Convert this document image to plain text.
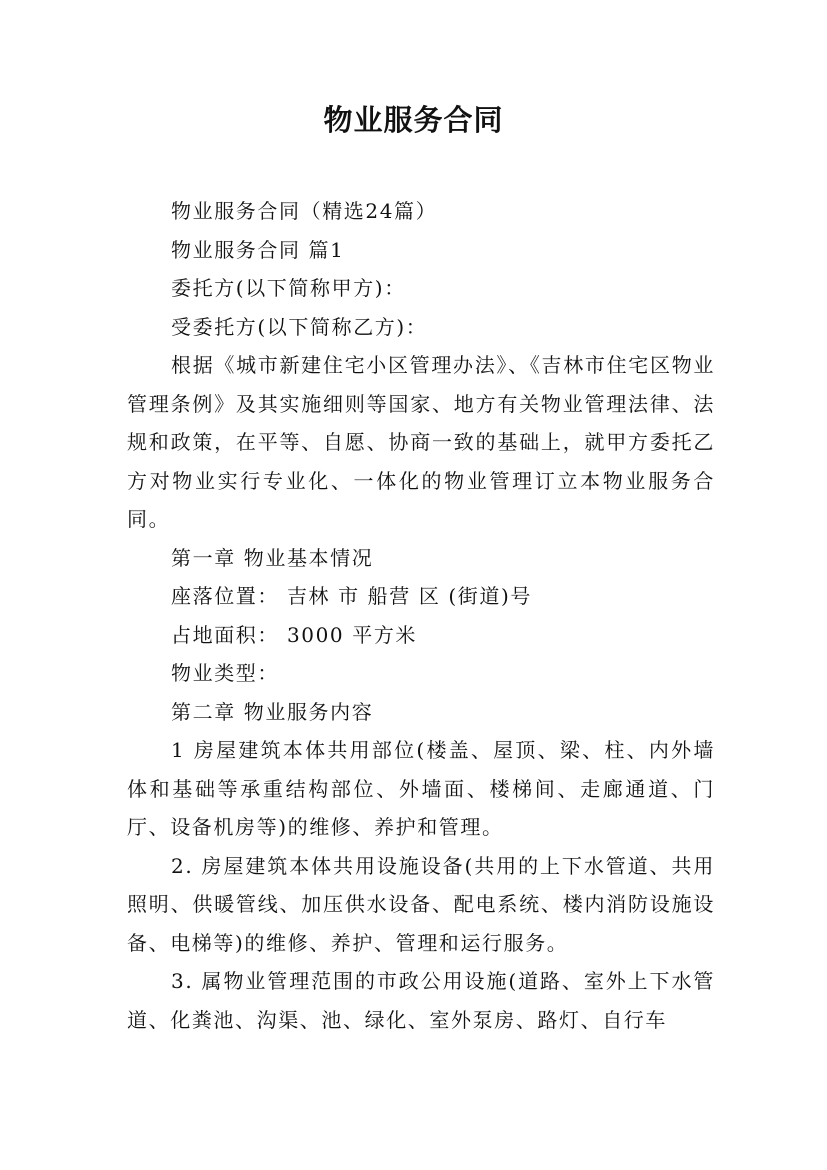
物业服务合同

物业服务合同（精选24篇）

物业服务合同 篇1

委托方(以下简称甲方)：

受委托方(以下简称乙方)：

根据《城市新建住宅小区管理办法》、《吉林市住宅区物业管理条例》及其实施细则等国家、地方有关物业管理法律、法规和政策，在平等、自愿、协商一致的基础上，就甲方委托乙方对物业实行专业化、一体化的物业管理订立本物业服务合同。

第一章 物业基本情况

座落位置： 吉林 市 船营 区 (街道)号

占地面积： 3000 平方米

物业类型：

第二章 物业服务内容

1 房屋建筑本体共用部位(楼盖、屋顶、梁、柱、内外墙体和基础等承重结构部位、外墙面、楼梯间、走廊通道、门厅、设备机房等)的维修、养护和管理。

2. 房屋建筑本体共用设施设备(共用的上下水管道、共用照明、供暖管线、加压供水设备、配电系统、楼内消防设施设备、电梯等)的维修、养护、管理和运行服务。

3. 属物业管理范围的市政公用设施(道路、室外上下水管道、化粪池、沟渠、池、绿化、室外泵房、路灯、自行车
